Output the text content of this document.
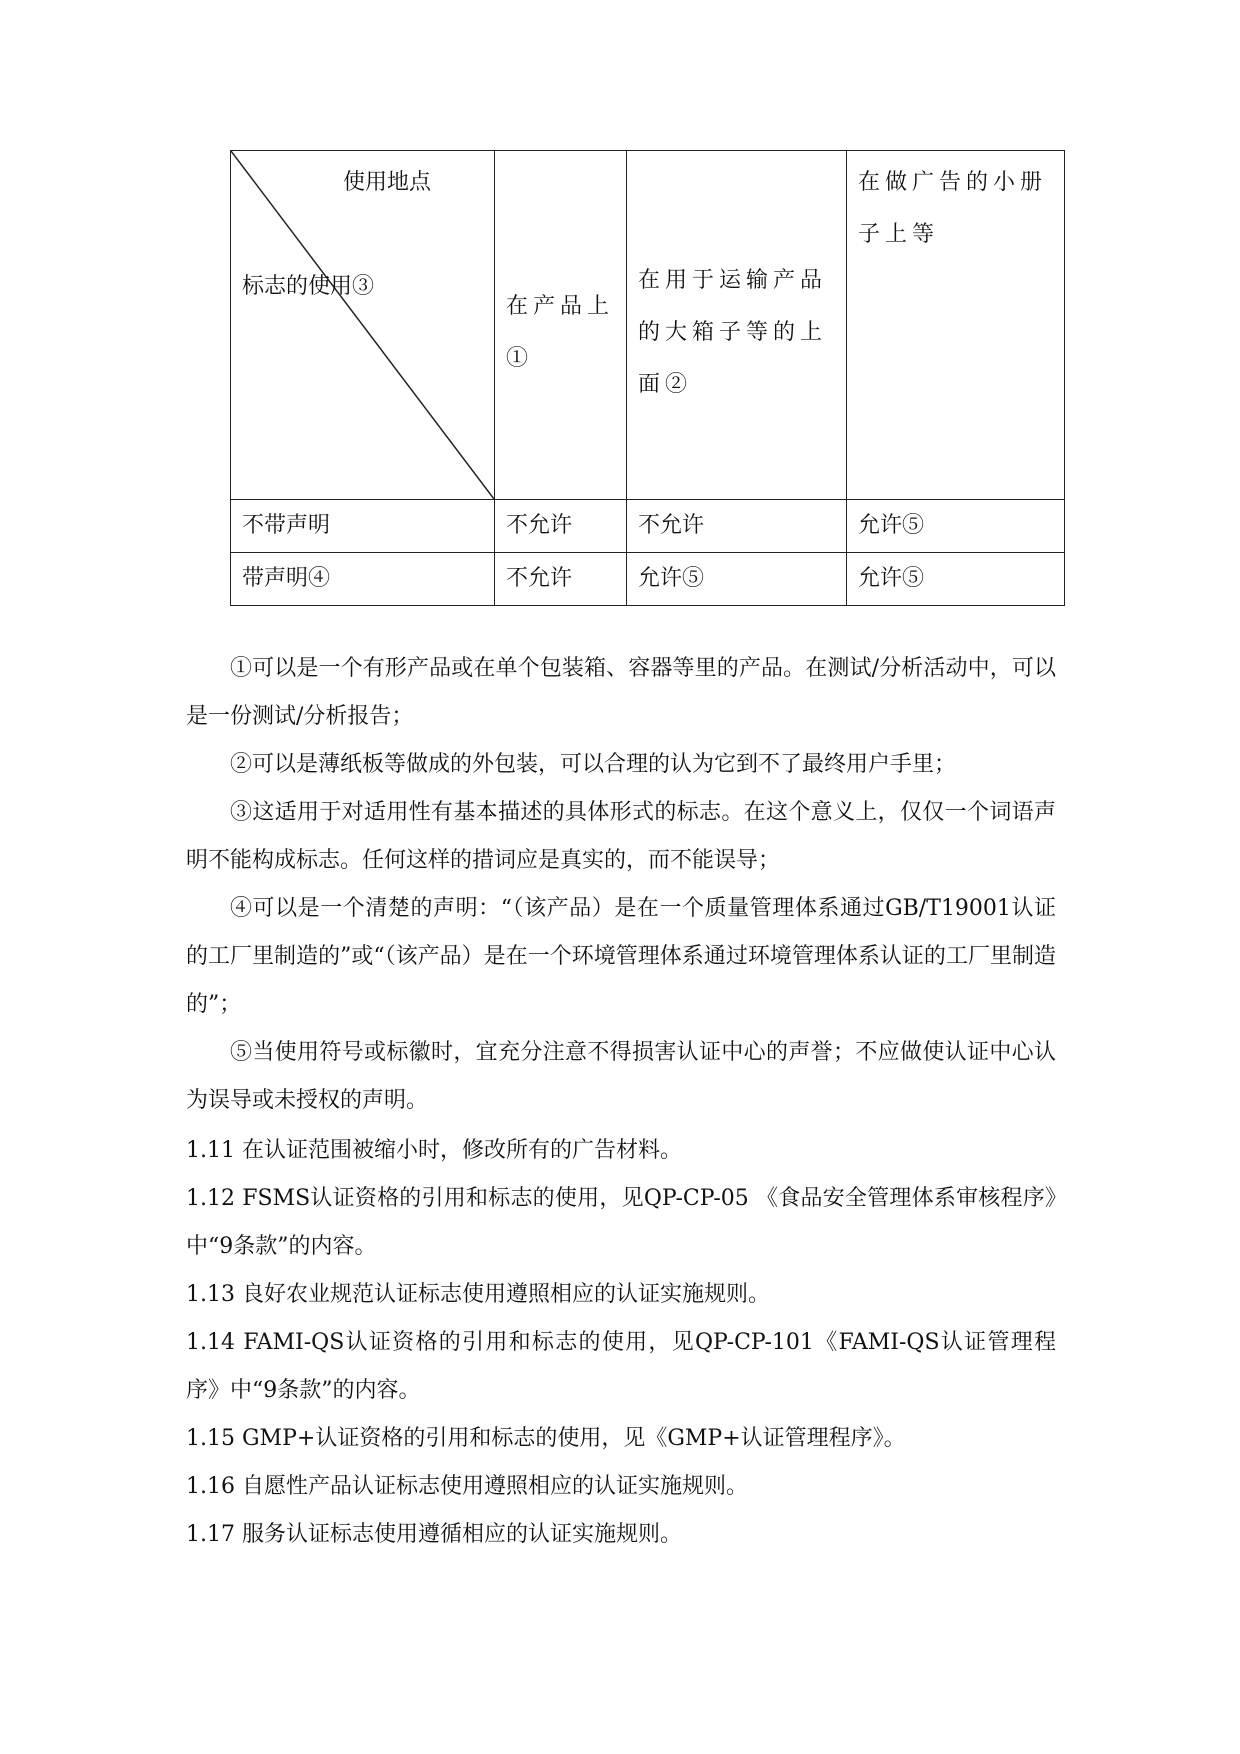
使用地点
标志的使用③	在产品上①	在用于运输产品的大箱子等的上面②	在做广告的小册子上等

不带声明	不允许	不允许	允许⑤
带声明④	不允许	允许⑤	允许⑤

①可以是一个有形产品或在单个包装箱、容器等里的产品。在测试/分析活动中，可以是一份测试/分析报告；

②可以是薄纸板等做成的外包装，可以合理的认为它到不了最终用户手里；

③这适用于对适用性有基本描述的具体形式的标志。在这个意义上，仅仅一个词语声明不能构成标志。任何这样的措词应是真实的，而不能误导；

④可以是一个清楚的声明：“（该产品）是在一个质量管理体系通过GB/T19001认证的工厂里制造的”或“（该产品）是在一个环境管理体系通过环境管理体系认证的工厂里制造的”；

⑤当使用符号或标徽时，宜充分注意不得损害认证中心的声誉；不应做使认证中心认为误导或未授权的声明。

1.11 在认证范围被缩小时，修改所有的广告材料。

1.12 FSMS认证资格的引用和标志的使用，见QP-CP-05 《食品安全管理体系审核程序》中“9条款”的内容。

1.13 良好农业规范认证标志使用遵照相应的认证实施规则。

1.14 FAMI-QS认证资格的引用和标志的使用，见QP-CP-101《FAMI-QS认证管理程序》中“9条款”的内容。

1.15 GMP+认证资格的引用和标志的使用，见《GMP+认证管理程序》。

1.16 自愿性产品认证标志使用遵照相应的认证实施规则。

1.17 服务认证标志使用遵循相应的认证实施规则。
